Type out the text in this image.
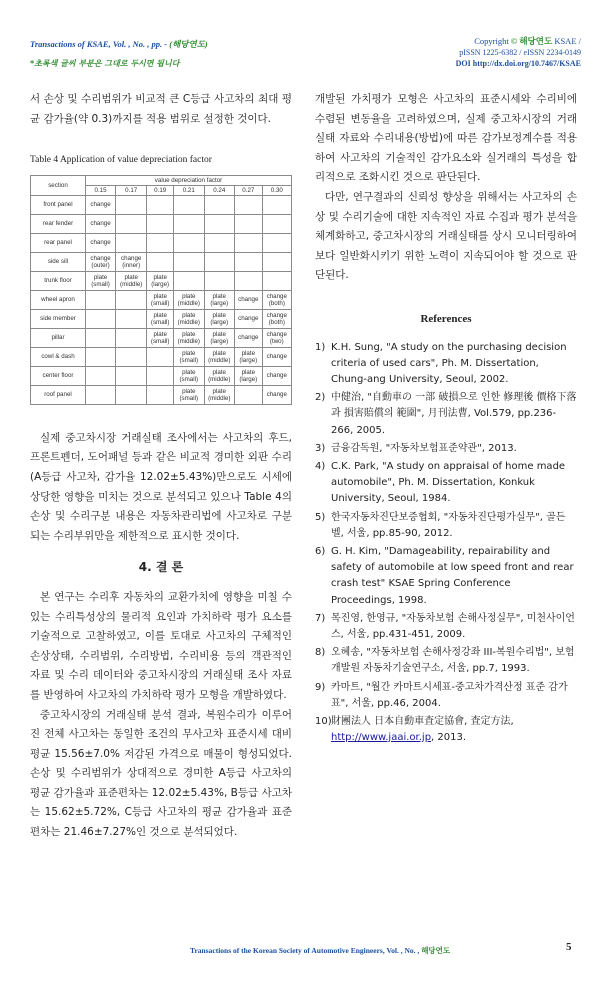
Transactions of KSAE, Vol. , No. , pp. - (해당연도)
*초록색 글씨 부분은 그대로 두시면 됩니다
Copyright © 해당연도 KSAE /
pISSN 1225-6382 / eISSN 2234-0149
DOI http://dx.doi.org/10.7467/KSAE

서 손상 및 수리범위가 비교적 큰 C등급 사고차의 최대 평균 감가율(약 0.3)까지를 적용 범위로 설정한 것이다.

Table 4 Application of value depreciation factor
section	value depreciation factor						
	0.15	0.17	0.19	0.21	0.24	0.27	0.30
front panel	change						
rear fender	change						
rear panel	change						
side sill	change (outer)	change (inner)					
trunk floor	plate (small)	plate (middle)	plate (large)				
wheel apron			plate (small)	plate (middle)	plate (large)	change	change (both)
side member			plate (small)	plate (middle)	plate (large)	change	change (both)
pillar			plate (small)	plate (middle)	plate (large)	change	change (two)
cowl & dash				plate (small)	plate (middle)	plate (large)	change
center floor				plate (small)	plate (middle)	plate (large)	change
roof panel				plate (small)	plate (middle)		change

실제 중고차시장 거래실태 조사에서는 사고차의 후드, 프론트펜더, 도어패널 등과 같은 비교적 경미한 외판 수리(A등급 사고차, 감가율 12.02±5.43%)만으로도 시세에 상당한 영향을 미치는 것으로 분석되고 있으나 Table 4의 손상 및 수리구분 내용은 자동차관리법에 사고차로 구분되는 수리부위만을 제한적으로 표시한 것이다.

4. 결 론

본 연구는 수리후 자동차의 교환가치에 영향을 미칠 수 있는 수리특성상의 물리적 요인과 가치하락 평가 요소를 기술적으로 고찰하였고, 이를 토대로 사고차의 구체적인 손상상태, 수리범위, 수리방법, 수리비용 등의 객관적인 자료 및 수리 데이터와 중고차시장의 거래실태 조사 자료를 반영하여 사고차의 가치하락 평가 모형을 개발하였다.

중고차시장의 거래실태 분석 결과, 복원수리가 이루어진 전체 사고차는 동일한 조건의 무사고차 표준시세 대비 평균 15.56±7.0% 저감된 가격으로 매물이 형성되었다. 손상 및 수리범위가 상대적으로 경미한 A등급 사고차의 평균 감가율과 표준편차는 12.02±5.43%, B등급 사고차는 15.62±5.72%, C등급 사고차의 평균 감가율과 표준편차는 21.46±7.27%인 것으로 분석되었다.

개발된 가치평가 모형은 사고차의 표준시세와 수리비에 수렴된 변동율을 고려하였으며, 실제 중고차시장의 거래 실태 자료와 수리내용(방법)에 따른 감가보정계수를 적용하여 사고차의 기술적인 감가요소와 실거래의 특성을 합리적으로 조화시킨 것으로 판단된다.

다만, 연구결과의 신뢰성 향상을 위해서는 사고차의 손상 및 수리기술에 대한 지속적인 자료 수집과 평가 분석을 체계화하고, 중고차시장의 거래실태를 상시 모니터링하여 보다 일반화시키기 위한 노력이 지속되어야 할 것으로 판단된다.

References
1) K.H. Sung, "A study on the purchasing decision criteria of used cars", Ph. M. Dissertation, Chung-ang University, Seoul, 2002.
2) 中健治, "自動車の 一部 破損으로 인한 修理後 價格下落과 損害賠償의 範圍", 月刊法曹, Vol.579, pp.236-266, 2005.
3) 금융감독원, "자동차보험표준약관", 2013.
4) C.K. Park, "A study on appraisal of home made automobile", Ph. M. Dissertation, Konkuk University, Seoul, 1984.
5) 한국자동차진단보증협회, "자동차진단평가실무", 골든벨, 서울, pp.85-90, 2012.
6) G. H. Kim, "Damageability, repairability and safety of automobile at low speed front and rear crash test" KSAE Spring Conference Proceedings, 1998.
7) 목진영, 한영규, "자동차보험 손해사정실무", 미천사이언스, 서울, pp.431-451, 2009.
8) 오혜송, "자동차보험 손해사정강좌 III-복원수리법", 보험개발원 자동차기술연구소, 서울, pp.7, 1993.
9) 카마트, "월간 카마트시세표-중고차가격산정 표준 감가표", 서울, pp.46, 2004.
10) 財團法人 日本自動車査定協會, 査定方法, http://www.jaai.or.jp, 2013.
Transactions of the Korean Society of Automotive Engineers, Vol. , No. , 해당연도	5
